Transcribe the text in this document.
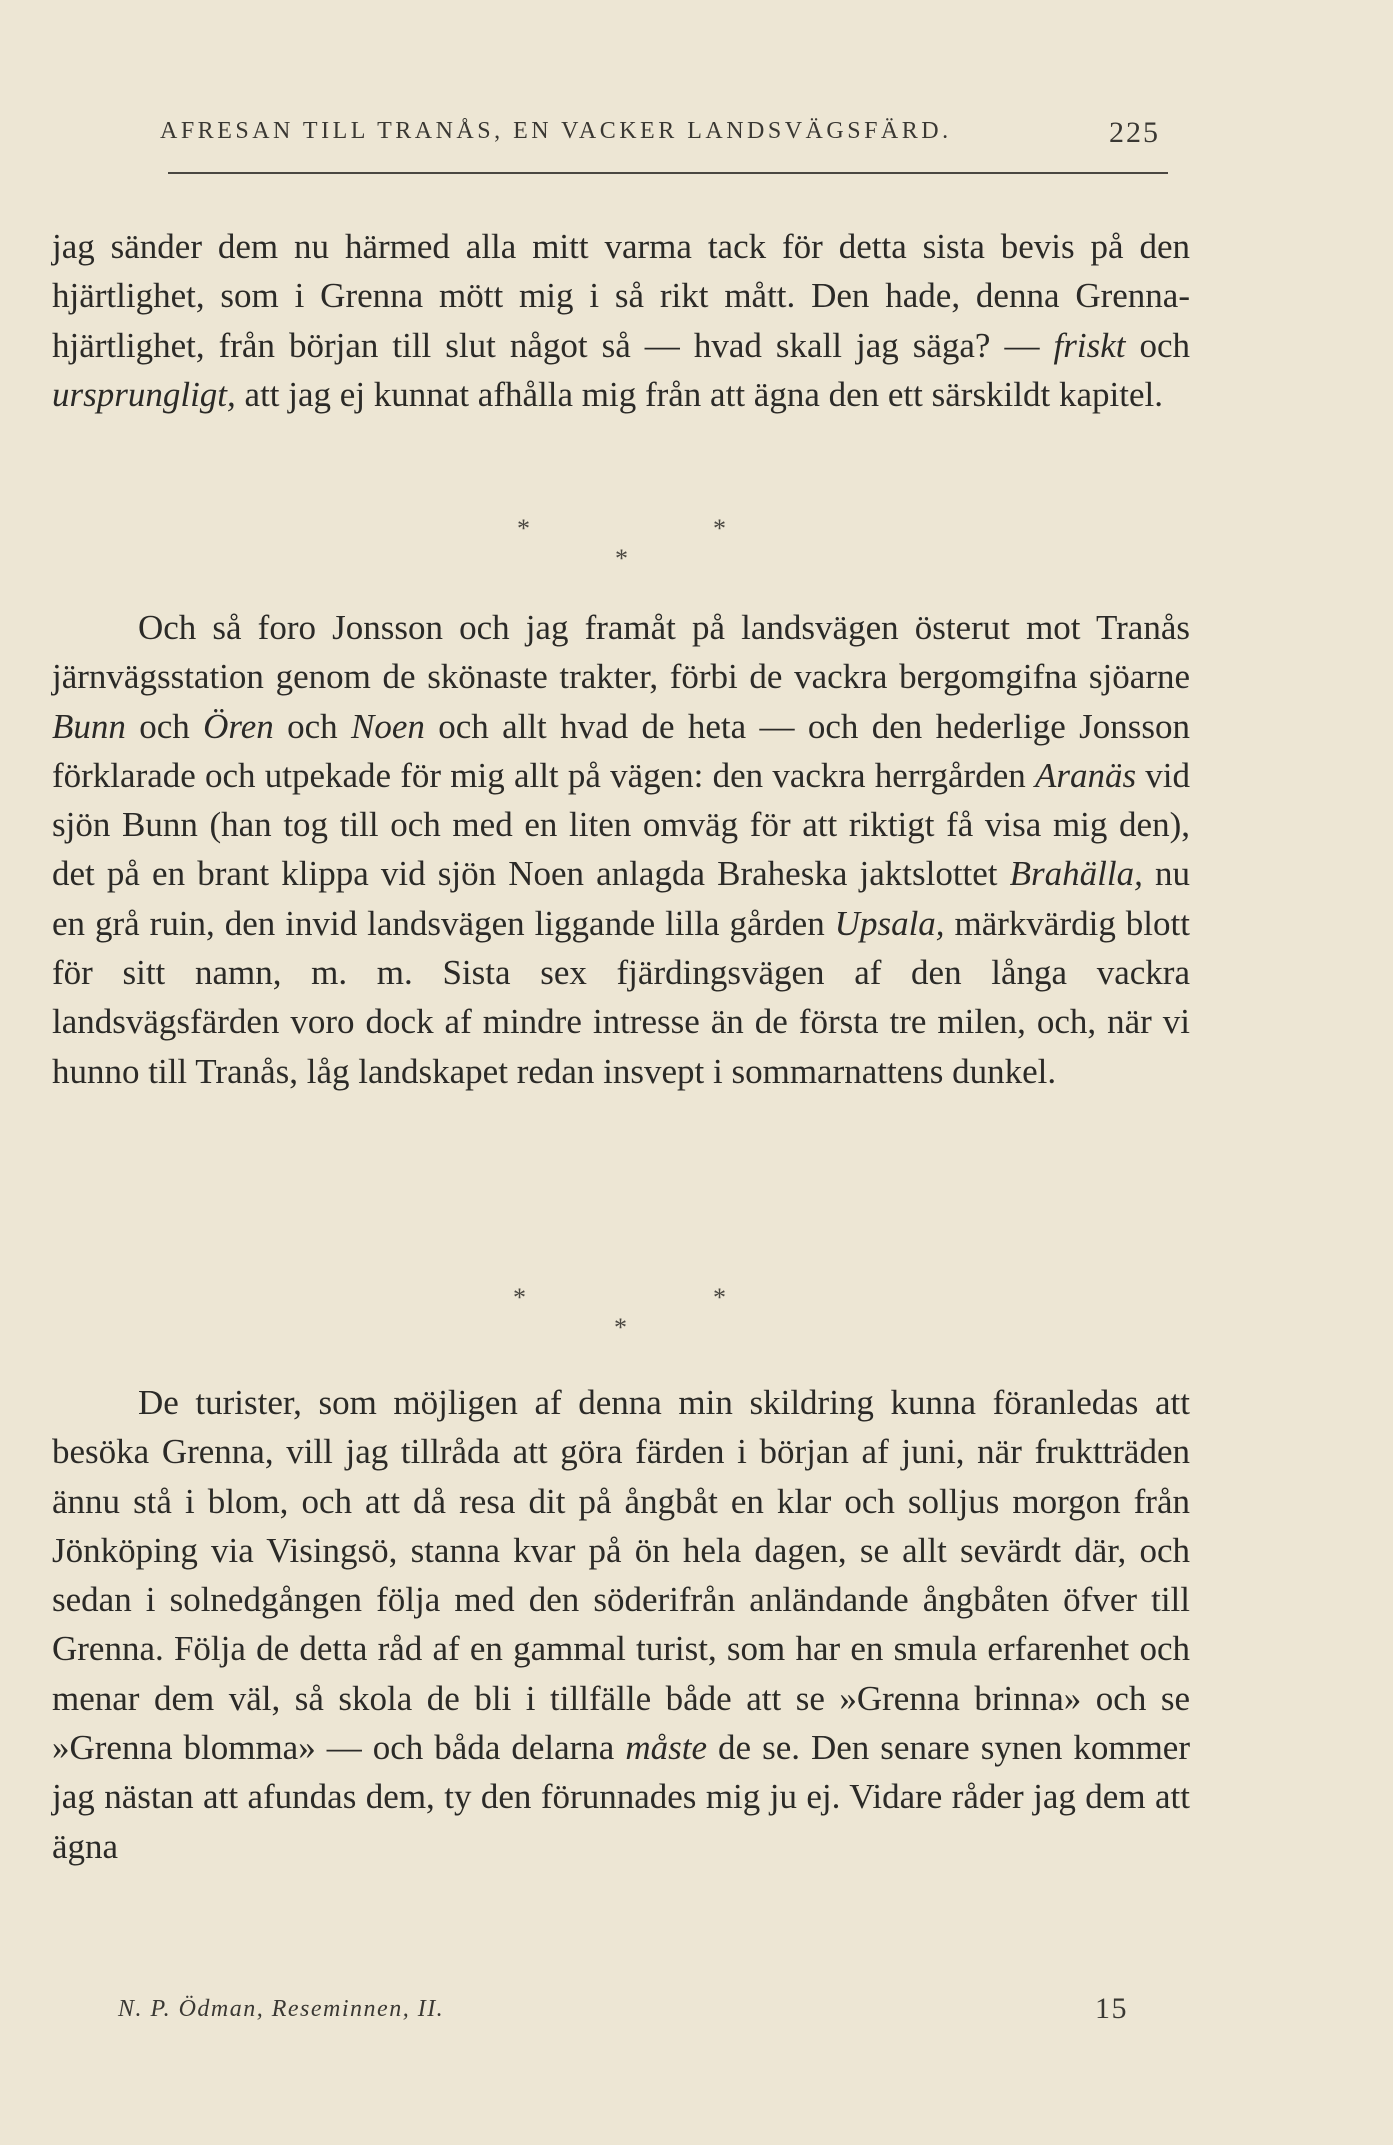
AFRESAN TILL TRANÅS, EN VACKER LANDSVÄGSFÄRD.	225

jag sänder dem nu härmed alla mitt varma tack för detta sista bevis på den hjärtlighet, som i Grenna mött mig i så rikt mått. Den hade, denna Grenna-hjärtlighet, från början till slut något så — hvad skall jag säga? — friskt och ursprungligt, att jag ej kunnat afhålla mig från att ägna den ett särskildt kapitel.

*	*
*

Och så foro Jonsson och jag framåt på landsvägen österut mot Tranås järnvägsstation genom de skönaste trakter, förbi de vackra bergomgifna sjöarne Bunn och Ören och Noen och allt hvad de heta — och den hederlige Jonsson förklarade och utpekade för mig allt på vägen: den vackra herrgården Aranäs vid sjön Bunn (han tog till och med en liten omväg för att riktigt få visa mig den), det på en brant klippa vid sjön Noen anlagda Braheska jaktslottet Brahälla, nu en grå ruin, den invid landsvägen liggande lilla gården Upsala, märkvärdig blott för sitt namn, m. m. Sista sex fjärdingsvägen af den långa vackra landsvägsfärden voro dock af mindre intresse än de första tre milen, och, när vi hunno till Tranås, låg landskapet redan insvept i sommarnattens dunkel.

*	*
*

De turister, som möjligen af denna min skildring kunna föranledas att besöka Grenna, vill jag tillråda att göra färden i början af juni, när fruktträden ännu stå i blom, och att då resa dit på ångbåt en klar och solljus morgon från Jönköping via Visingsö, stanna kvar på ön hela dagen, se allt sevärdt där, och sedan i solnedgången följa med den söderifrån anländande ångbåten öfver till Grenna. Följa de detta råd af en gammal turist, som har en smula erfarenhet och menar dem väl, så skola de bli i tillfälle både att se »Grenna brinna» och se »Grenna blomma» — och båda delarna måste de se. Den senare synen kommer jag nästan att afundas dem, ty den förunnades mig ju ej. Vidare råder jag dem att ägna

N. P. Ödman, Reseminnen, II.	15
